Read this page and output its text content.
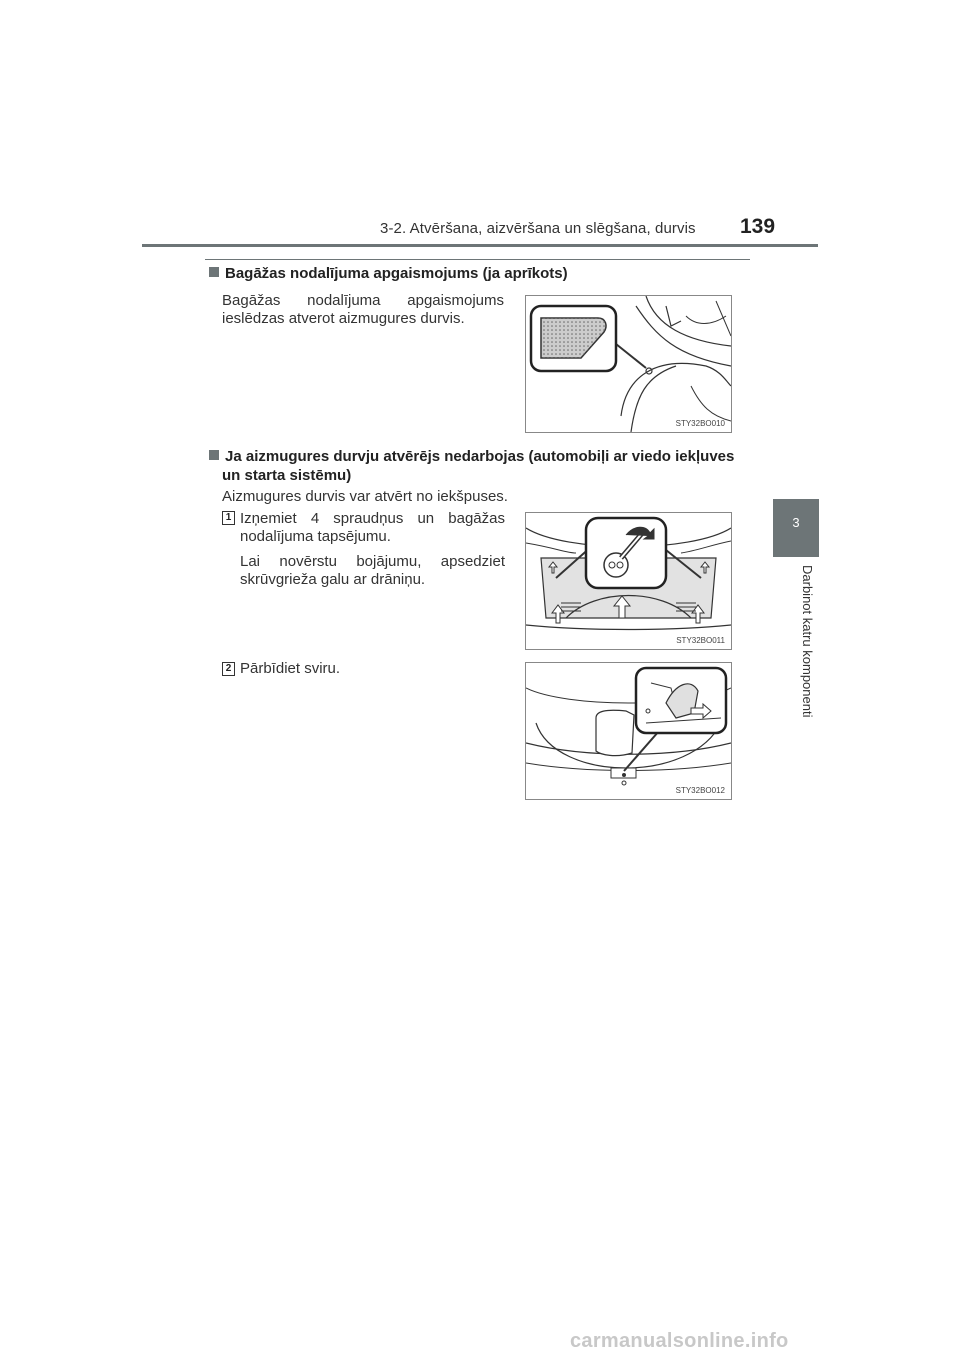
3-2. Atvēršana, aizvēršana un slēgšana, durvis 139
3
Darbinot katru komponenti
Bagāžas nodalījuma apgaismojums (ja aprīkots)
Bagāžas nodalījuma apgaismojums ieslēdzas atverot aizmugures durvis.
STY32BO010
Ja aizmugures durvju atvērējs nedarbojas (automobiļi ar viedo iekļuves
un starta sistēmu)
Aizmugures durvis var atvērt no iekšpuses.
1 Izņemiet 4 spraudņus un bagāžas nodalījuma tapsējumu.
Lai novērstu bojājumu, apsedziet skrūvgrieža galu ar drāniņu.
STY32BO011
2 Pārbīdiet sviru.
STY32BO012
carmanualsonline.info
